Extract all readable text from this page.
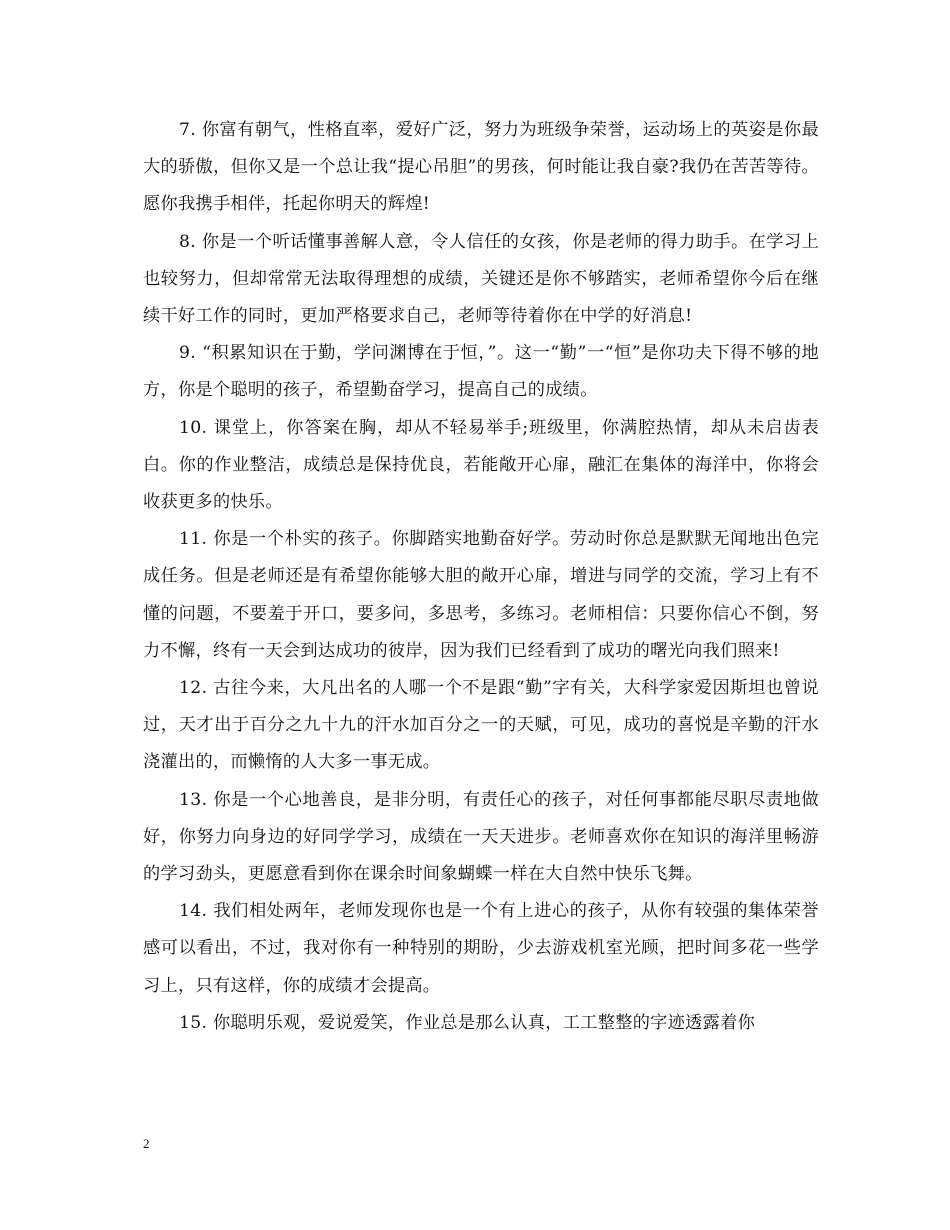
7. 你富有朝气，性格直率，爱好广泛，努力为班级争荣誉，运动场上的英姿是你最大的骄傲，但你又是一个总让我“提心吊胆”的男孩，何时能让我自豪?我仍在苦苦等待。愿你我携手相伴，托起你明天的辉煌!

8. 你是一个听话懂事善解人意，令人信任的女孩，你是老师的得力助手。在学习上也较努力，但却常常无法取得理想的成绩，关键还是你不够踏实，老师希望你今后在继续干好工作的同时，更加严格要求自己，老师等待着你在中学的好消息!

9. “积累知识在于勤，学问渊博在于恒，”。这一“勤”一“恒”是你功夫下得不够的地方，你是个聪明的孩子，希望勤奋学习，提高自己的成绩。

10. 课堂上，你答案在胸，却从不轻易举手;班级里，你满腔热情，却从未启齿表白。你的作业整洁，成绩总是保持优良，若能敞开心扉，融汇在集体的海洋中，你将会收获更多的快乐。

11. 你是一个朴实的孩子。你脚踏实地勤奋好学。劳动时你总是默默无闻地出色完成任务。但是老师还是有希望你能够大胆的敞开心扉，增进与同学的交流，学习上有不懂的问题，不要羞于开口，要多问，多思考，多练习。老师相信：只要你信心不倒，努力不懈，终有一天会到达成功的彼岸，因为我们已经看到了成功的曙光向我们照来!

12. 古往今来，大凡出名的人哪一个不是跟“勤”字有关，大科学家爱因斯坦也曾说过，天才出于百分之九十九的汗水加百分之一的天赋，可见，成功的喜悦是辛勤的汗水浇灌出的，而懒惰的人大多一事无成。

13. 你是一个心地善良，是非分明，有责任心的孩子，对任何事都能尽职尽责地做好，你努力向身边的好同学学习，成绩在一天天进步。老师喜欢你在知识的海洋里畅游的学习劲头，更愿意看到你在课余时间象蝴蝶一样在大自然中快乐飞舞。

14. 我们相处两年，老师发现你也是一个有上进心的孩子，从你有较强的集体荣誉感可以看出，不过，我对你有一种特别的期盼，少去游戏机室光顾，把时间多花一些学习上，只有这样，你的成绩才会提高。

15. 你聪明乐观，爱说爱笑，作业总是那么认真，工工整整的字迹透露着你

2
